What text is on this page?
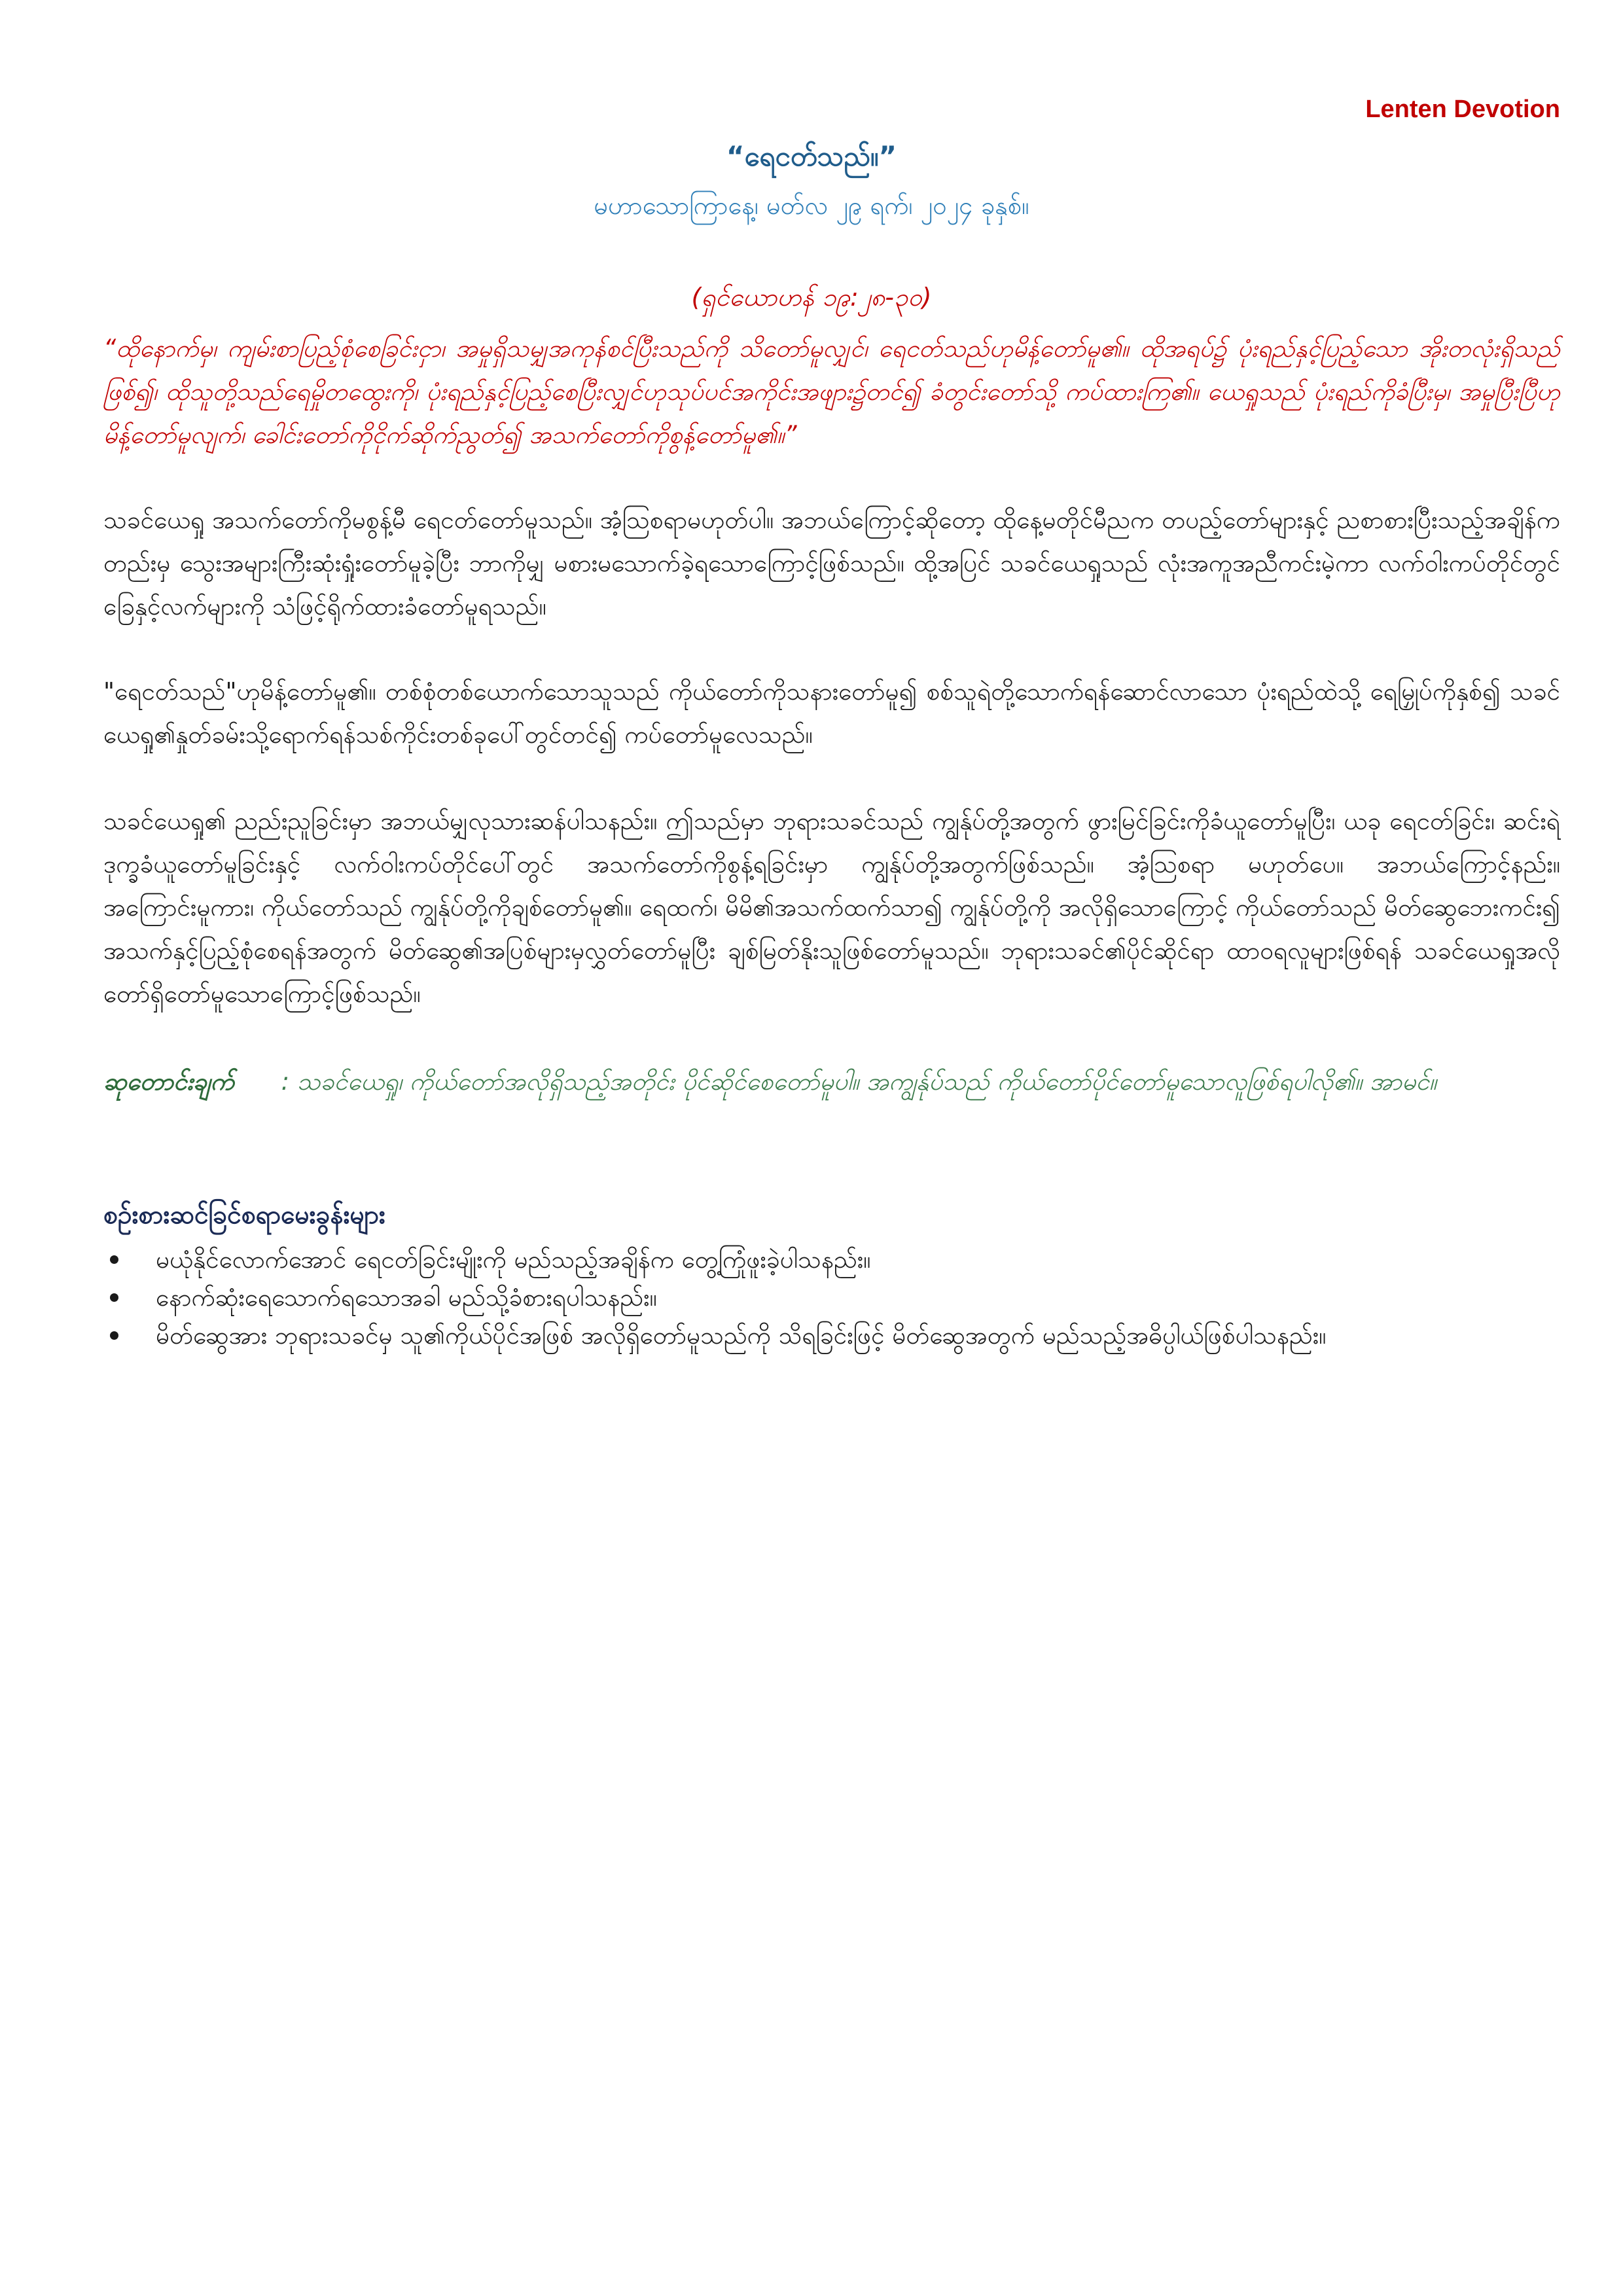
Lenten Devotion
“ရေငတ်သည်။”
မဟာသောကြာနေ့၊ မတ်လ ၂၉ ရက်၊ ၂၀၂၄ ခုနှစ်။
(ရှင်ယောဟန် ၁၉:၂၈-၃၀)
“ထိုနောက်မှ၊ ကျမ်းစာပြည့်စုံစေခြင်းငှာ၊ အမှုရှိသမျှအကုန်စင်ပြီးသည်ကို သိတော်မူလျှင်၊ ရေငတ်သည်ဟုမိန့်တော်မူ၏။ ထိုအရပ်၌ ပုံးရည်နှင့်ပြည့်သော အိုးတလုံးရှိသည်ဖြစ်၍၊ ထိုသူတို့သည်ရေမှိုတထွေးကို၊ ပုံးရည်နှင့်ပြည့်စေပြီးလျှင်ဟုသုပ်ပင်အကိုင်းအဖျား၌တင်၍ ခံတွင်းတော်သို့ ကပ်ထားကြ၏။ ယေရှုသည် ပုံးရည်ကိုခံပြီးမှ၊ အမှုပြီးပြီဟု မိန့်တော်မူလျက်၊ ခေါင်းတော်ကိုငိုက်ဆိုက်ညွတ်၍ အသက်တော်ကိုစွန့်တော်မူ၏။”
သခင်ယေရှု အသက်တော်ကိုမစွန့်မီ ရေငတ်တော်မူသည်။ အံ့ဩစရာမဟုတ်ပါ။ အဘယ်ကြောင့်ဆိုတော့ ထိုနေ့မတိုင်မီညက တပည့်တော်များနှင့် ညစာစားပြီးသည့်အချိန်ကတည်းမှ သွေးအများကြီးဆုံးရှုံးတော်မူခဲ့ပြီး ဘာကိုမျှ မစားမသောက်ခဲ့ရသောကြောင့်ဖြစ်သည်။ ထို့အပြင် သခင်ယေရှုသည် လုံးအကူအညီကင်းမဲ့ကာ လက်ဝါးကပ်တိုင်တွင် ခြေနှင့်လက်များကို သံဖြင့်ရိုက်ထားခံတော်မူရသည်။
"ရေငတ်သည်"ဟုမိန့်တော်မူ၏။ တစ်စုံတစ်ယောက်သောသူသည် ကိုယ်တော်ကိုသနားတော်မူ၍ စစ်သူရဲတို့သောက်ရန်ဆောင်လာသော ပုံးရည်ထဲသို့ ရေမြှုပ်ကိုနှစ်၍ သခင်ယေရှု၏နှုတ်ခမ်းသို့ရောက်ရန်သစ်ကိုင်းတစ်ခုပေါ်တွင်တင်၍ ကပ်တော်မူလေသည်။
သခင်ယေရှု၏ ညည်းညူခြင်းမှာ အဘယ်မျှလုသားဆန်ပါသနည်း။ ဤသည်မှာ ဘုရားသခင်သည် ကျွန်ုပ်တို့အတွက် ဖွားမြင်ခြင်းကိုခံယူတော်မူပြီး၊ ယခု ရေငတ်ခြင်း၊ ဆင်းရဲဒုက္ခခံယူတော်မူခြင်းနှင့် လက်ဝါးကပ်တိုင်ပေါ်တွင် အသက်တော်ကိုစွန့်ရခြင်းမှာ ကျွန်ုပ်တို့အတွက်ဖြစ်သည်။ အံ့ဩစရာ မဟုတ်ပေ။ အဘယ်ကြောင့်နည်း။ အကြောင်းမူကား၊ ကိုယ်တော်သည် ကျွန်ုပ်တို့ကိုချစ်တော်မူ၏။ ရေထက်၊ မိမိ၏အသက်ထက်သာ၍ ကျွန်ုပ်တို့ကို အလိုရှိသောကြောင့် ကိုယ်တော်သည် မိတ်ဆွေဘေးကင်း၍ အသက်နှင့်ပြည့်စုံစေရန်အတွက် မိတ်ဆွေ၏အပြစ်များမှလွှတ်တော်မူပြီး ချစ်မြတ်နိုးသူဖြစ်တော်မူသည်။ ဘုရားသခင်၏ပိုင်ဆိုင်ရာ ထာဝရလူများဖြစ်ရန် သခင်ယေရှုအလိုတော်ရှိတော်မူသောကြောင့်ဖြစ်သည်။
ဆုတောင်းချက် : သခင်ယေရှု၊ ကိုယ်တော်အလိုရှိသည့်အတိုင်း ပိုင်ဆိုင်စေတော်မူပါ။ အကျွန်ုပ်သည် ကိုယ်တော်ပိုင်တော်မူသောလူဖြစ်ရပါလို၏။ အာမင်။
စဉ်းစားဆင်ခြင်စရာမေးခွန်းများ
မယုံနိုင်လောက်အောင် ရေငတ်ခြင်းမျိုးကို မည်သည့်အချိန်က တွေ့ကြုံဖူးခဲ့ပါသနည်း။
နောက်ဆုံးရေသောက်ရသောအခါ မည်သို့ခံစားရပါသနည်း။
မိတ်ဆွေအား ဘုရားသခင်မှ သူ၏ကိုယ်ပိုင်အဖြစ် အလိုရှိတော်မူသည်ကို သိရခြင်းဖြင့် မိတ်ဆွေအတွက် မည်သည့်အဓိပ္ပါယ်ဖြစ်ပါသနည်း။
